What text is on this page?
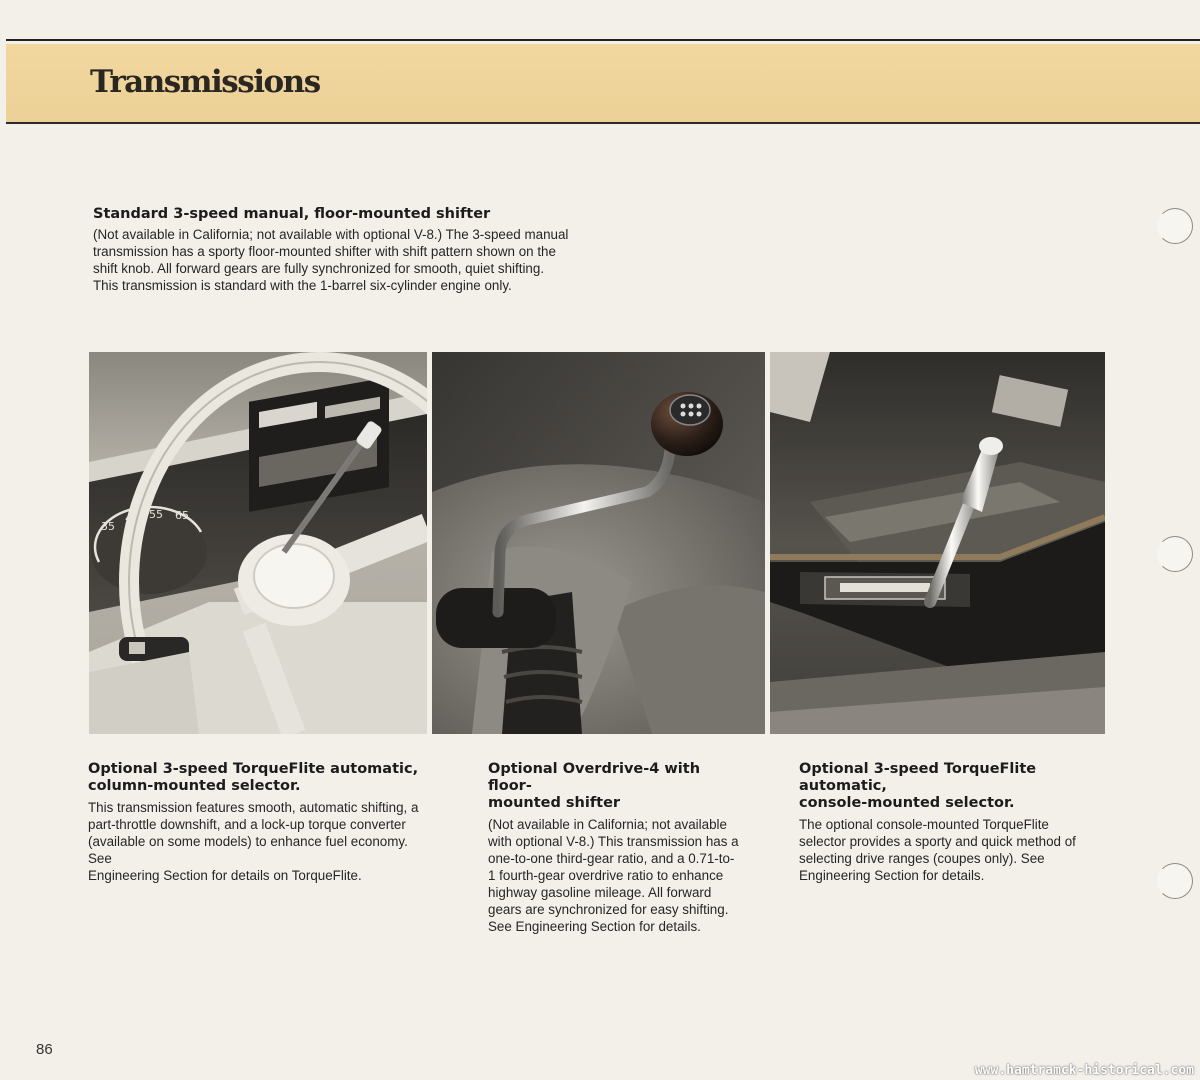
Transmissions
Standard 3-speed manual, floor-mounted shifter

(Not available in California; not available with optional V-8.) The 3-speed manual
transmission has a sporty floor-mounted shifter with shift pattern shown on the
shift knob. All forward gears are fully synchronized for smooth, quiet shifting.
This transmission is standard with the 1-barrel six-cylinder engine only.

35
45 55 65
Optional 3-speed TorqueFlite automatic,
column-mounted selector.

This transmission features smooth, automatic shifting, a
part-throttle downshift, and a lock-up torque converter
(available on some models) to enhance fuel economy. See
Engineering Section for details on TorqueFlite.

Optional Overdrive-4 with floor-
mounted shifter

(Not available in California; not available
with optional V-8.) This transmission has a
one-to-one third-gear ratio, and a 0.71-to-
1 fourth-gear overdrive ratio to enhance
highway gasoline mileage. All forward
gears are synchronized for easy shifting.
See Engineering Section for details.

Optional 3-speed TorqueFlite automatic,
console-mounted selector.

The optional console-mounted TorqueFlite
selector provides a sporty and quick method of
selecting drive ranges (coupes only). See
Engineering Section for details.

86
www.hamtramck-historical.com
